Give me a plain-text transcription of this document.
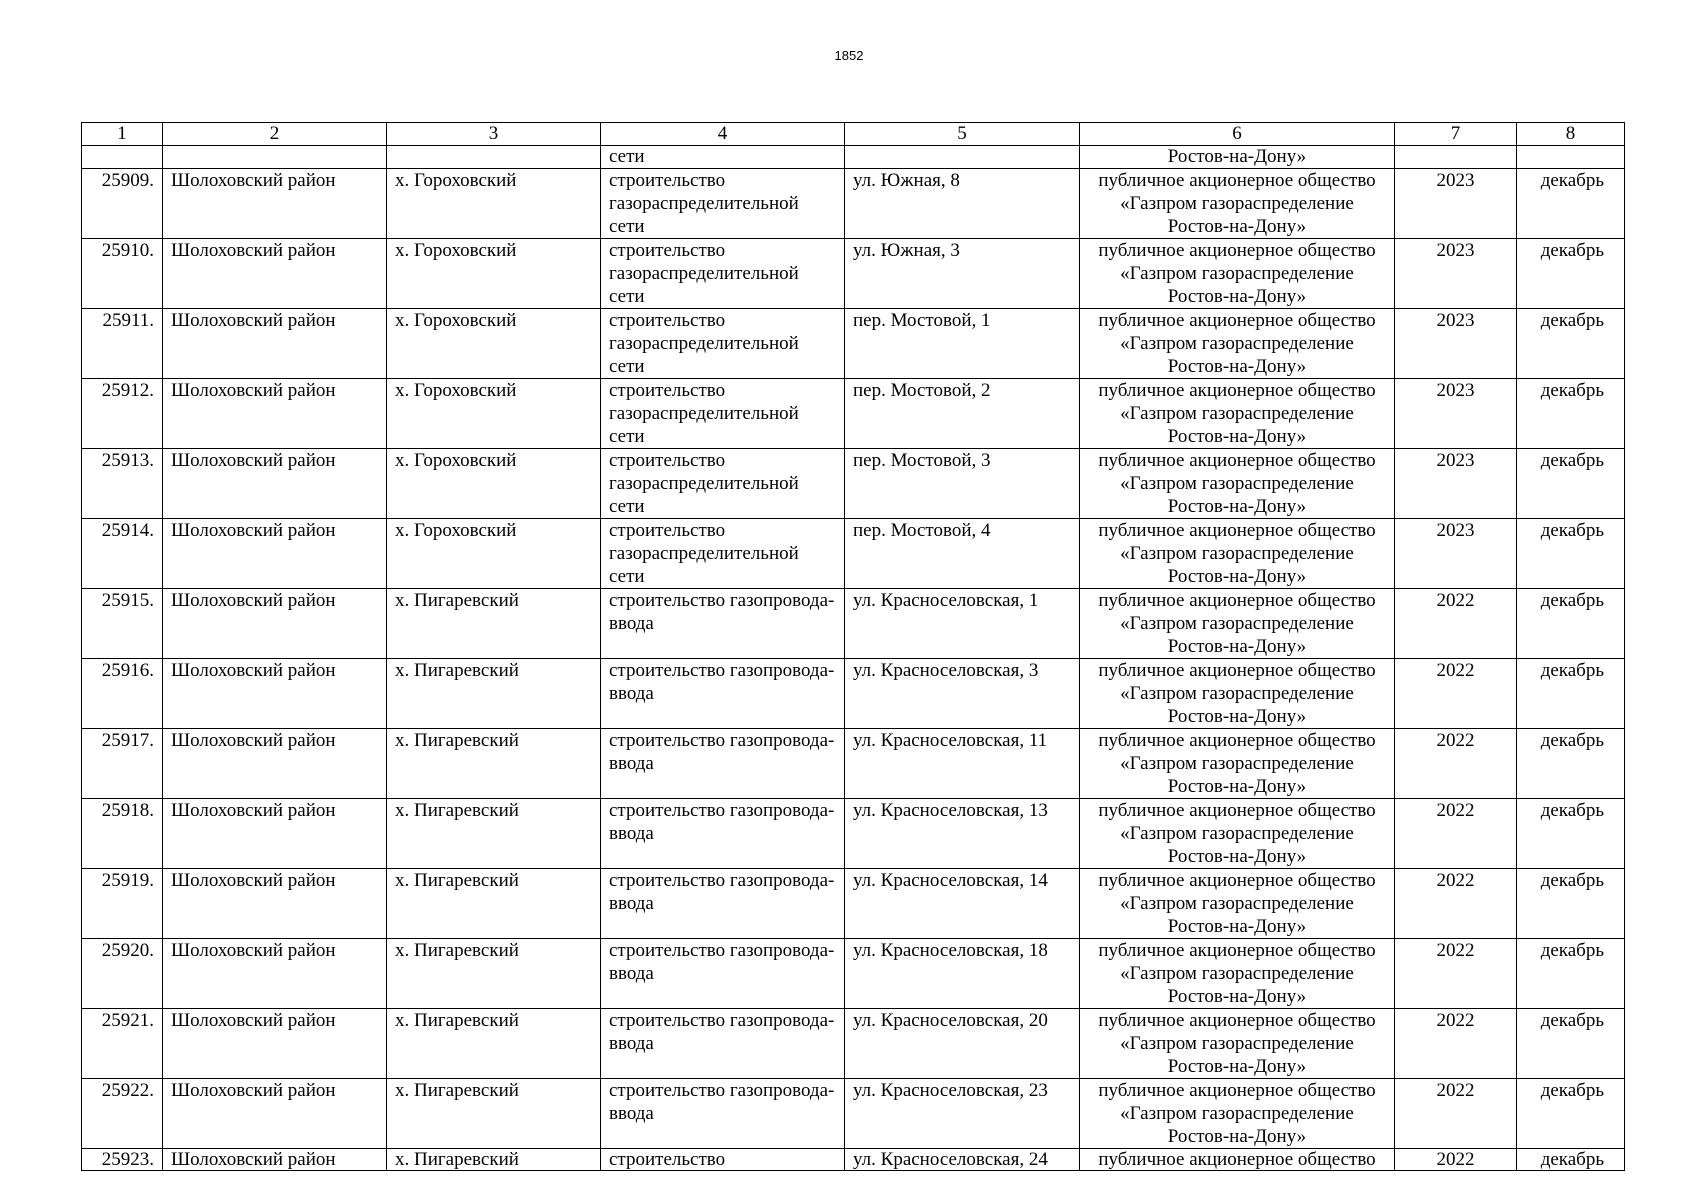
1852
1	2	3	4	5	6	7	8
			сети		Ростов-на-Дону»		
25909.	Шолоховский район	х. Гороховский	строительство газораспределительной сети	ул. Южная, 8	публичное акционерное общество «Газпром газораспределение Ростов-на-Дону»	2023	декабрь
25910.	Шолоховский район	х. Гороховский	строительство газораспределительной сети	ул. Южная, 3	публичное акционерное общество «Газпром газораспределение Ростов-на-Дону»	2023	декабрь
25911.	Шолоховский район	х. Гороховский	строительство газораспределительной сети	пер. Мостовой, 1	публичное акционерное общество «Газпром газораспределение Ростов-на-Дону»	2023	декабрь
25912.	Шолоховский район	х. Гороховский	строительство газораспределительной сети	пер. Мостовой, 2	публичное акционерное общество «Газпром газораспределение Ростов-на-Дону»	2023	декабрь
25913.	Шолоховский район	х. Гороховский	строительство газораспределительной сети	пер. Мостовой, 3	публичное акционерное общество «Газпром газораспределение Ростов-на-Дону»	2023	декабрь
25914.	Шолоховский район	х. Гороховский	строительство газораспределительной сети	пер. Мостовой, 4	публичное акционерное общество «Газпром газораспределение Ростов-на-Дону»	2023	декабрь
25915.	Шолоховский район	х. Пигаревский	строительство газопровода-ввода	ул. Красноселовская, 1	публичное акционерное общество «Газпром газораспределение Ростов-на-Дону»	2022	декабрь
25916.	Шолоховский район	х. Пигаревский	строительство газопровода-ввода	ул. Красноселовская, 3	публичное акционерное общество «Газпром газораспределение Ростов-на-Дону»	2022	декабрь
25917.	Шолоховский район	х. Пигаревский	строительство газопровода-ввода	ул. Красноселовская, 11	публичное акционерное общество «Газпром газораспределение Ростов-на-Дону»	2022	декабрь
25918.	Шолоховский район	х. Пигаревский	строительство газопровода-ввода	ул. Красноселовская, 13	публичное акционерное общество «Газпром газораспределение Ростов-на-Дону»	2022	декабрь
25919.	Шолоховский район	х. Пигаревский	строительство газопровода-ввода	ул. Красноселовская, 14	публичное акционерное общество «Газпром газораспределение Ростов-на-Дону»	2022	декабрь
25920.	Шолоховский район	х. Пигаревский	строительство газопровода-ввода	ул. Красноселовская, 18	публичное акционерное общество «Газпром газораспределение Ростов-на-Дону»	2022	декабрь
25921.	Шолоховский район	х. Пигаревский	строительство газопровода-ввода	ул. Красноселовская, 20	публичное акционерное общество «Газпром газораспределение Ростов-на-Дону»	2022	декабрь
25922.	Шолоховский район	х. Пигаревский	строительство газопровода-ввода	ул. Красноселовская, 23	публичное акционерное общество «Газпром газораспределение Ростов-на-Дону»	2022	декабрь
25923.	Шолоховский район	х. Пигаревский	строительство	ул. Красноселовская, 24	публичное акционерное общество	2022	декабрь
